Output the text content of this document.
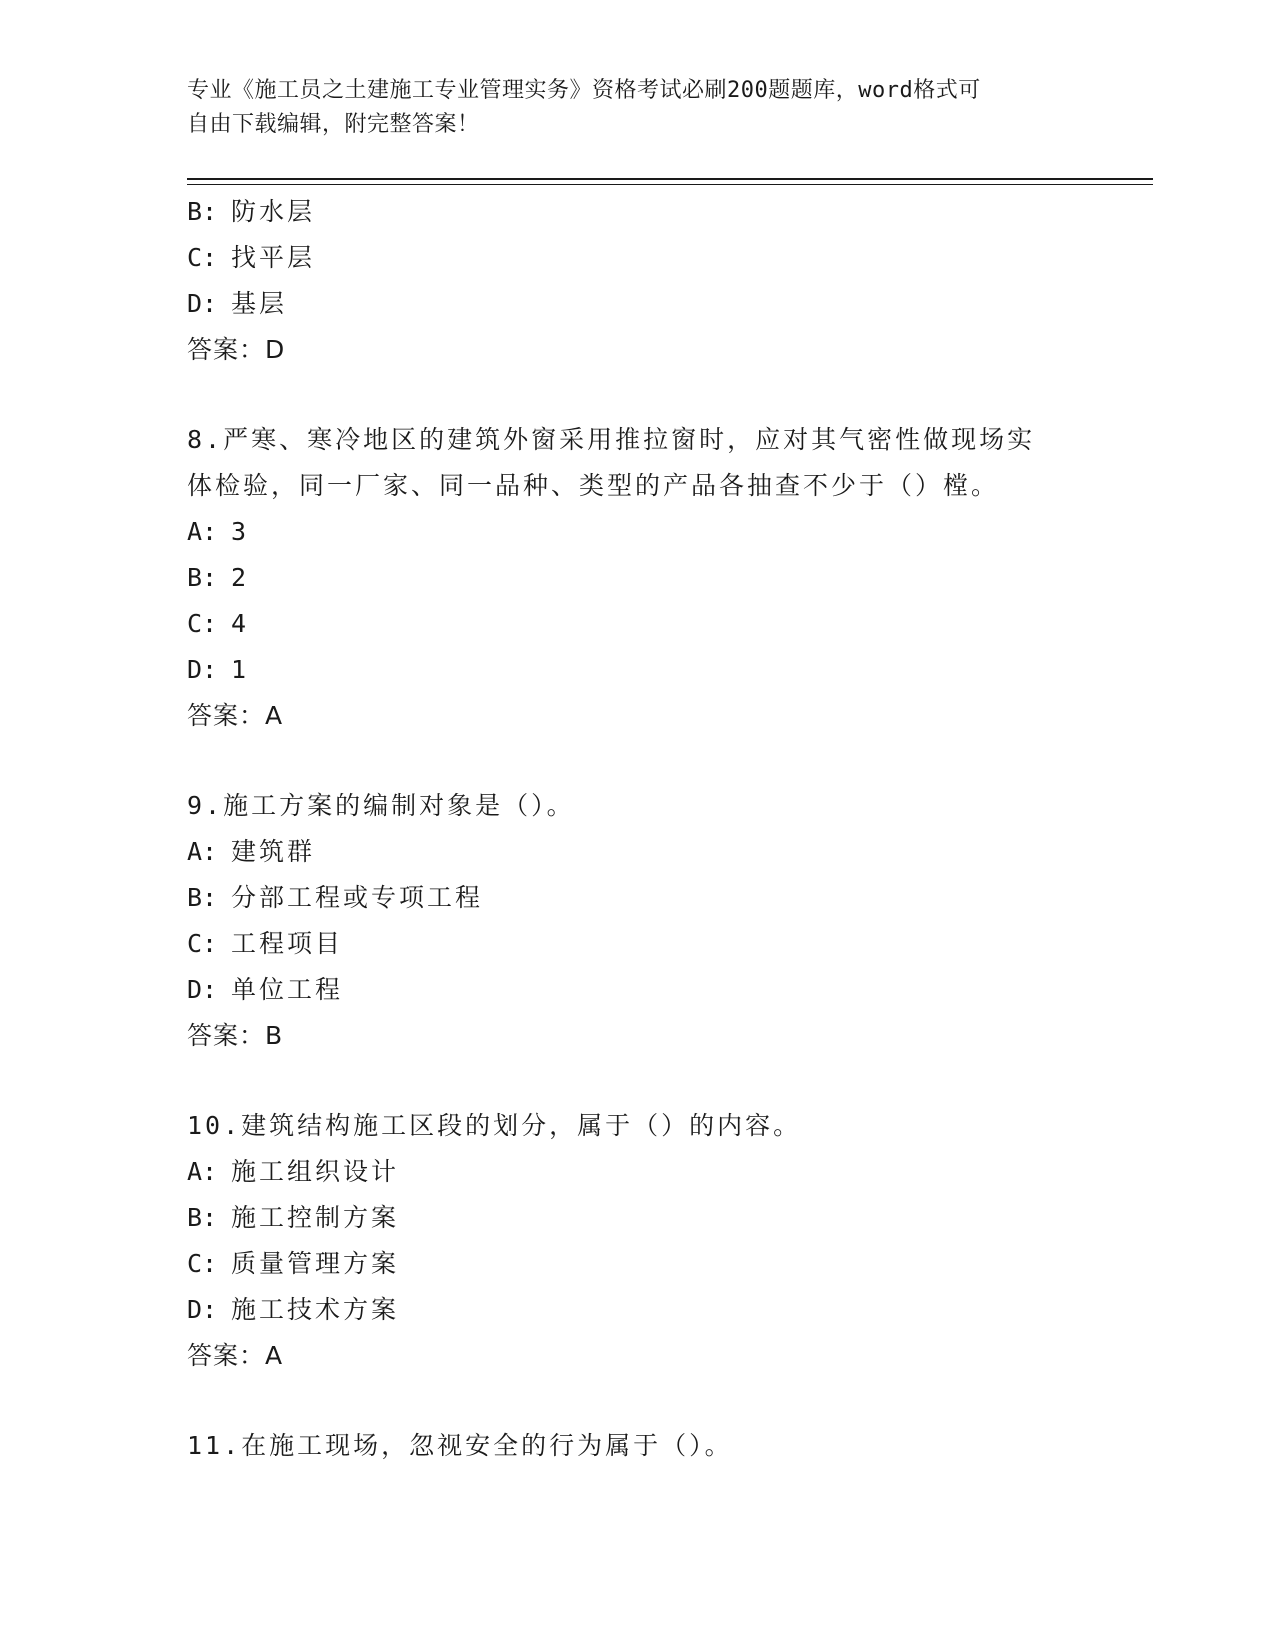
专业《施工员之土建施工专业管理实务》资格考试必刷200题题库，word格式可
自由下载编辑，附完整答案！
B: 防水层
C: 找平层
D: 基层
答案：D
8.严寒、寒冷地区的建筑外窗采用推拉窗时，应对其气密性做现场实
体检验，同一厂家、同一品种、类型的产品各抽查不少于（）樘。
A: 3
B: 2
C: 4
D: 1
答案：A
9.施工方案的编制对象是（）。
A: 建筑群
B: 分部工程或专项工程
C: 工程项目
D: 单位工程
答案：B
10.建筑结构施工区段的划分，属于（）的内容。
A: 施工组织设计
B: 施工控制方案
C: 质量管理方案
D: 施工技术方案
答案：A
11.在施工现场，忽视安全的行为属于（）。
